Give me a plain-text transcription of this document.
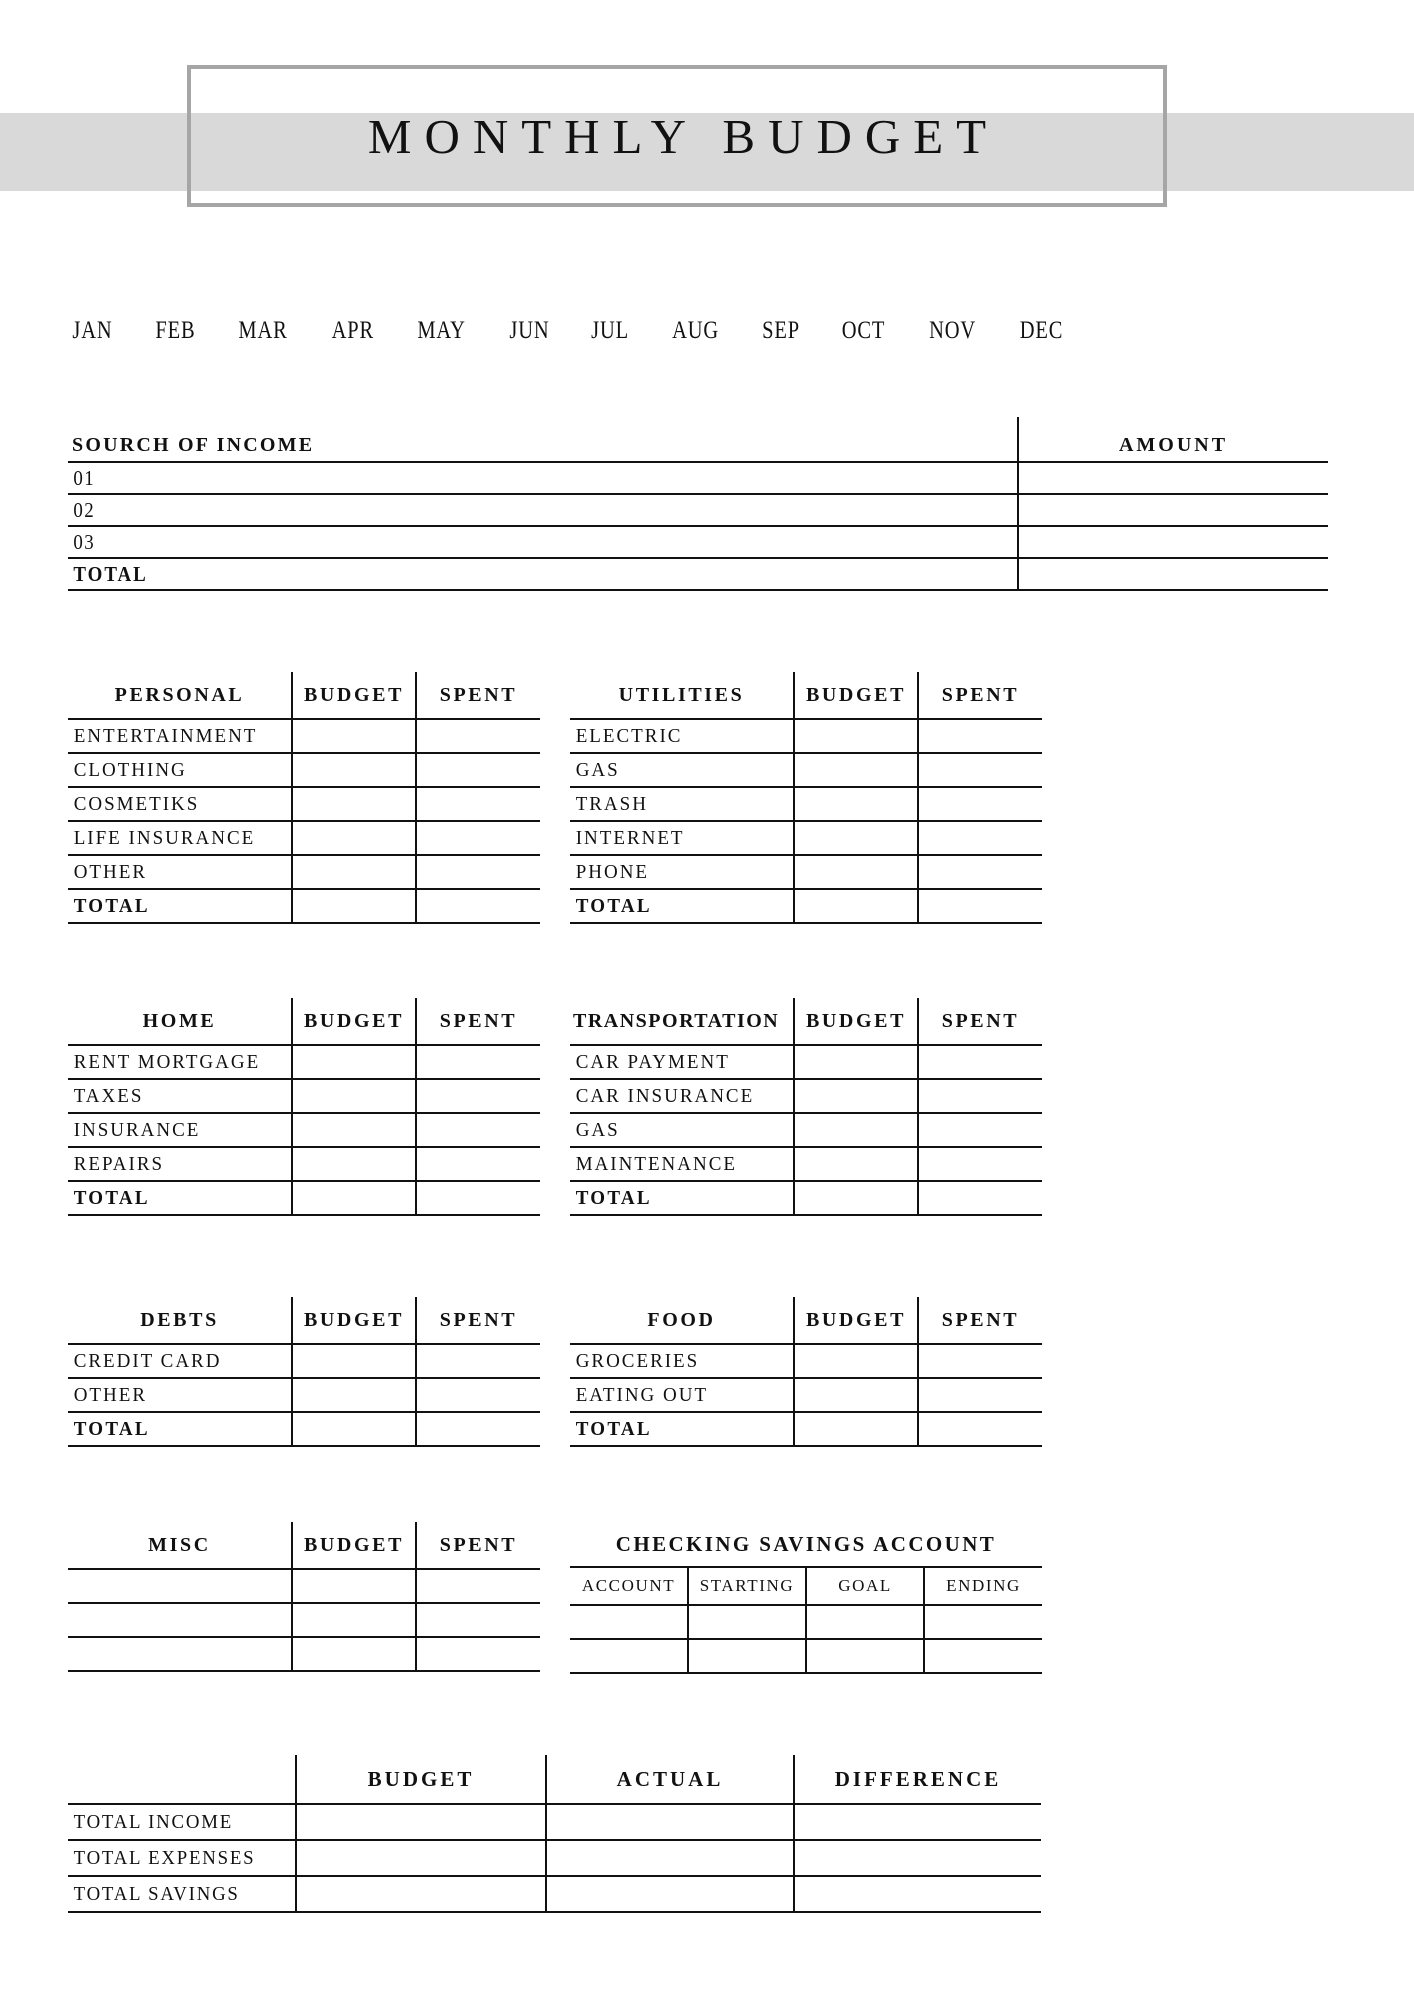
MONTHLY BUDGET
JAN FEB MAR APR MAY JUN JUL AUG SEP OCT NOV DEC
SOURCH OF INCOME	AMOUNT
01	
02	
03	
TOTAL	
PERSONAL	BUDGET	SPENT
ENTERTAINMENT		
CLOTHING		
COSMETIKS		
LIFE INSURANCE		
OTHER		
TOTAL		
UTILITIES	BUDGET	SPENT
ELECTRIC		
GAS		
TRASH		
INTERNET		
PHONE		
TOTAL		
HOME	BUDGET	SPENT
RENT MORTGAGE		
TAXES		
INSURANCE		
REPAIRS		
TOTAL		
TRANSPORTATION	BUDGET	SPENT
CAR PAYMENT		
CAR INSURANCE		
GAS		
MAINTENANCE		
TOTAL		
DEBTS	BUDGET	SPENT
CREDIT CARD		
OTHER		
TOTAL		
FOOD	BUDGET	SPENT
GROCERIES		
EATING OUT		
TOTAL		
MISC	BUDGET	SPENT

			CHECKING SAVINGS ACCOUNT
ACCOUNT	STARTING	GOAL	ENDING

	BUDGET	ACTUAL	DIFFERENCE
TOTAL INCOME			
TOTAL EXPENSES			
TOTAL SAVINGS			
